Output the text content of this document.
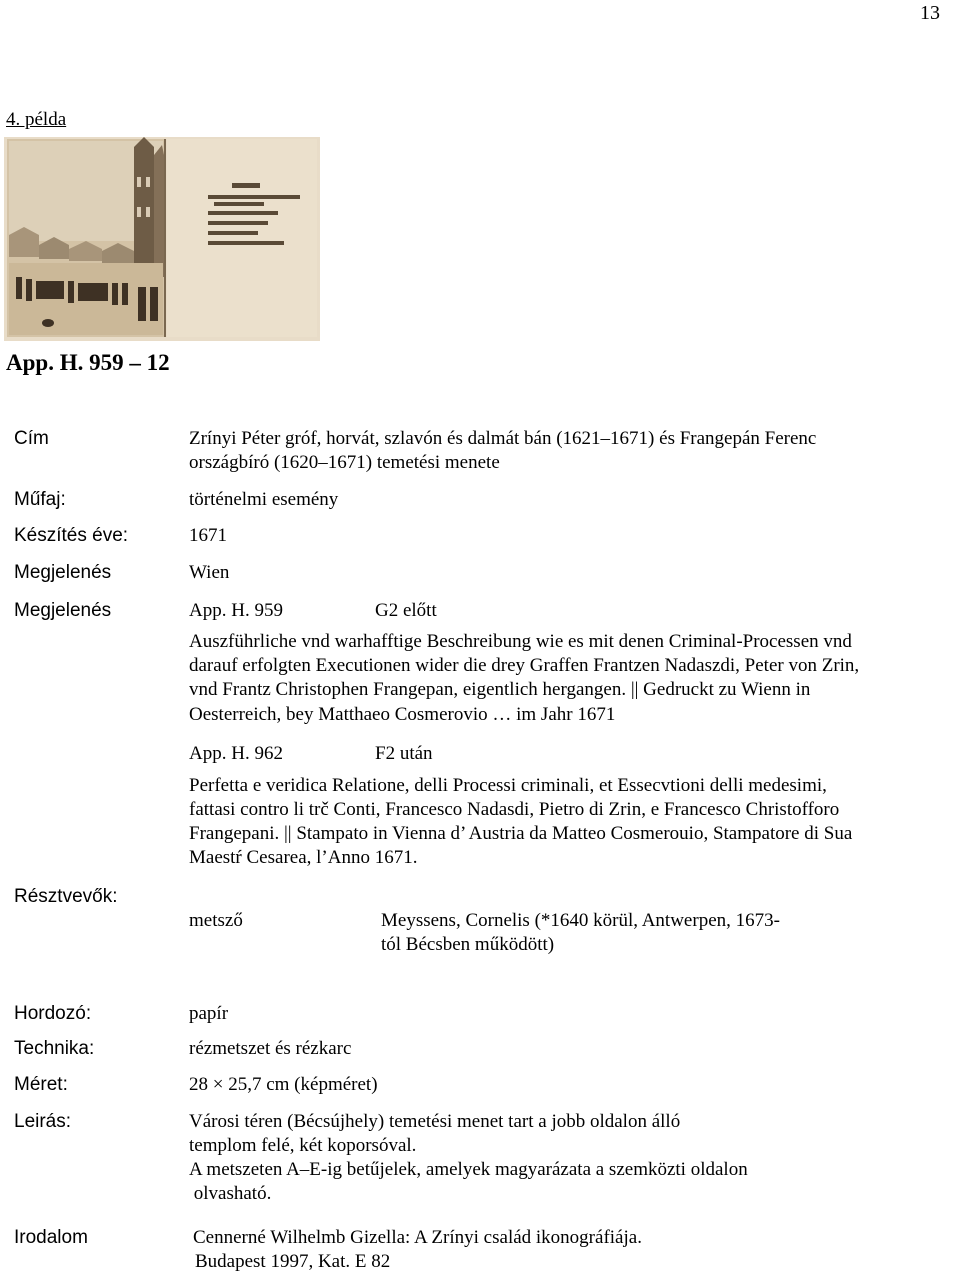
13
4. példa
App. H. 959 – 12
Cím	Zrínyi Péter gróf, horvát, szlavón és dalmát bán (1621–1671) és Frangepán Ferenc
országbíró (1620–1671) temetési menete
Műfaj:	történelmi esemény
Készítés éve:	1671
Megjelenés	Wien
Megjelenés	App. H. 959	G2 előtt
Auszführliche vnd warhafftige Beschreibung wie es mit denen Criminal-Processen vnd
darauf erfolgten Executionen wider die drey Graffen Frantzen Nadaszdi, Peter von Zrin,
vnd Frantz Christophen Frangepan, eigentlich hergangen. || Gedruckt zu Wienn in
Oesterreich, bey Matthaeo Cosmerovio … im Jahr 1671
App. H. 962	F2 után
Perfetta e veridica Relatione, delli Processi criminali, et Essecvtioni delli medesimi,
fattasi contro li trč Conti, Francesco Nadasdi, Pietro di Zrin, e Francesco Christofforo
Frangepani. || Stampato in Vienna d’ Austria da Matteo Cosmerouio, Stampatore di Sua
Maestŕ Cesarea, l’Anno 1671.
Résztvevők:
metsző	Meyssens, Cornelis (*1640 körül, Antwerpen, 1673-
tól Bécsben működött)
Hordozó:	papír
Technika:	rézmetszet és rézkarc
Méret:	28 × 25,7 cm (képméret)
Leirás:	Városi téren (Bécsújhely) temetési menet tart a jobb oldalon álló
templom felé, két koporsóval.
A metszeten A–E-ig betűjelek, amelyek magyarázata a szemközti oldalon
olvasható.
Irodalom	Cennerné Wilhelmb Gizella: A Zrínyi család ikonográfiája.
Budapest 1997, Kat. E 82
